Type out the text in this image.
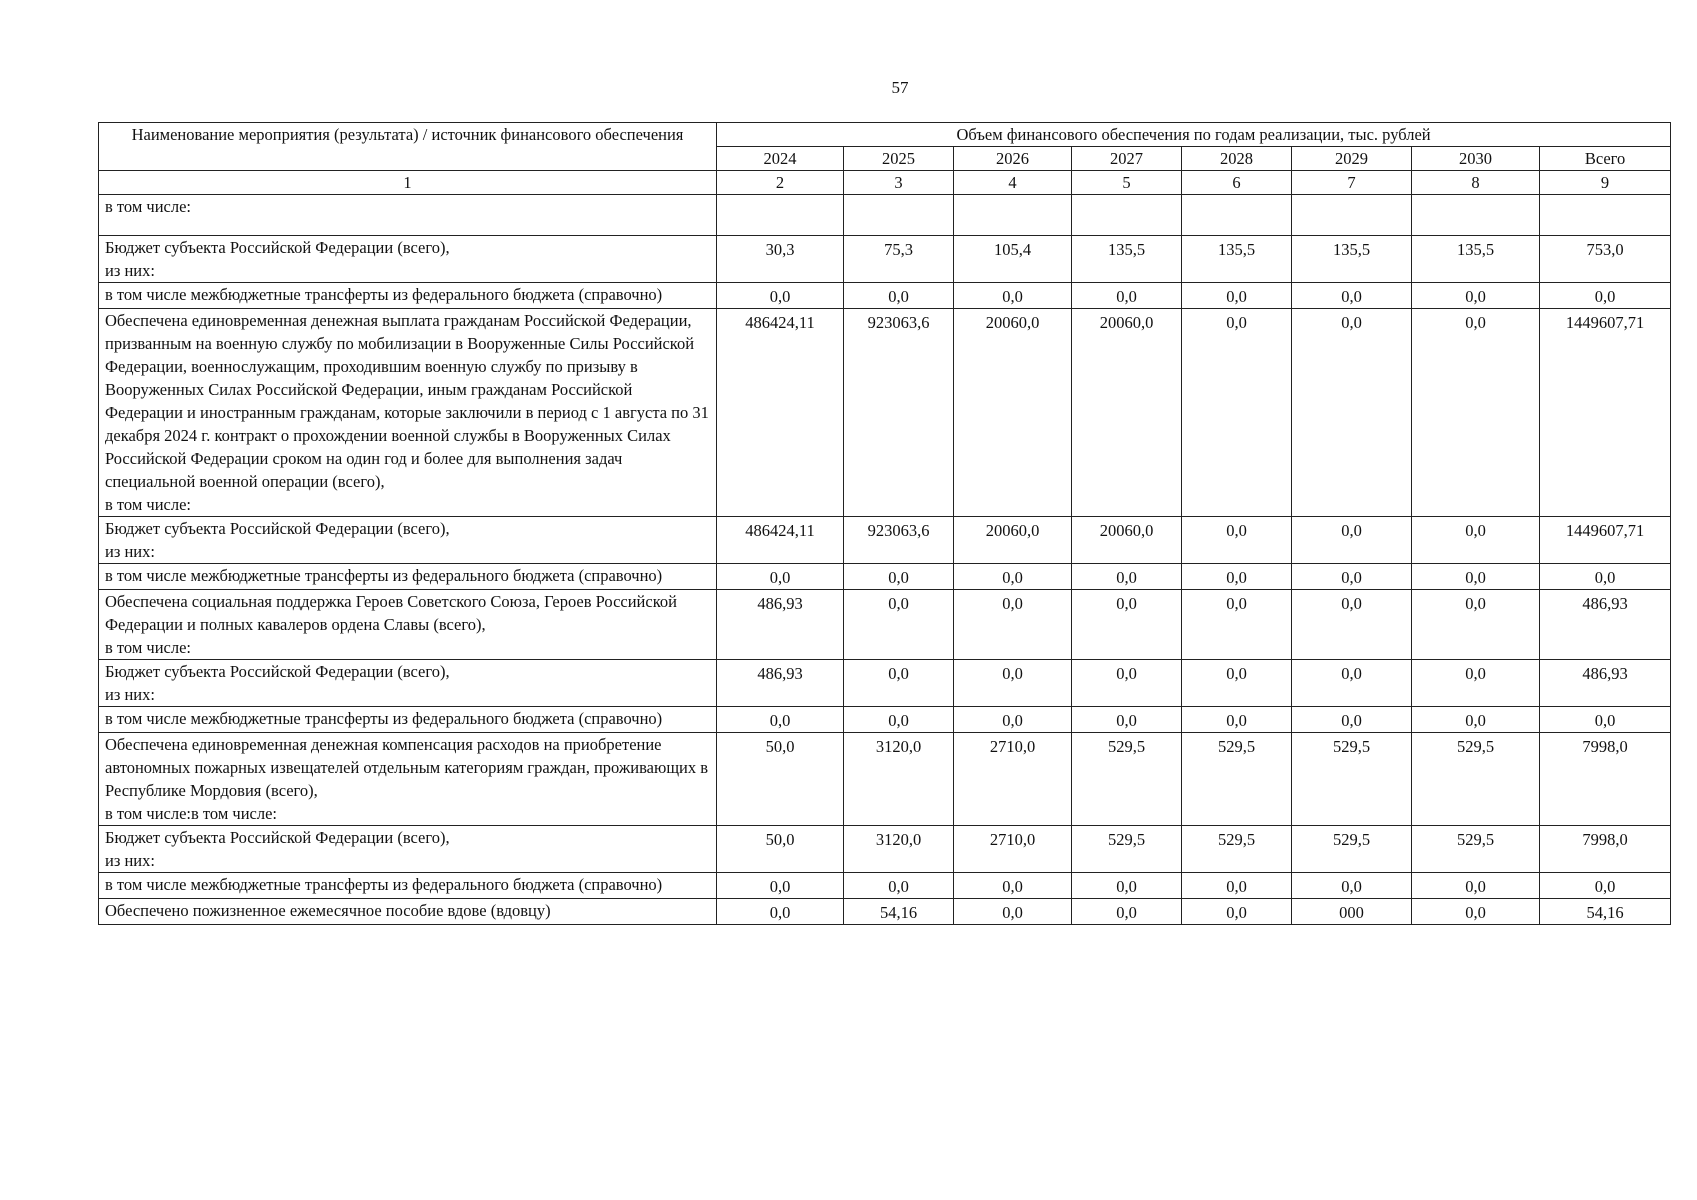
57
Наименование мероприятия (результата) / источник финансового обеспечения	Объем финансового обеспечения по годам реализации, тыс. рублей							
	2024	2025	2026	2027	2028	2029	2030	Всего
1	2	3	4	5	6	7	8	9
в том числе:								
Бюджет субъекта Российской Федерации (всего),
из них:	30,3	75,3	105,4	135,5	135,5	135,5	135,5	753,0
в том числе межбюджетные трансферты из федерального бюджета (справочно)	0,0	0,0	0,0	0,0	0,0	0,0	0,0	0,0
Обеспечена единовременная денежная выплата гражданам Российской Федерации, призванным на военную службу по мобилизации в Вооруженные Силы Российской Федерации, военнослужащим, проходившим военную службу по призыву в Вооруженных Силах Российской Федерации, иным гражданам Российской Федерации и иностранным гражданам, которые заключили в период с 1 августа по 31 декабря 2024 г. контракт о прохождении военной службы в Вооруженных Силах Российской Федерации сроком на один год и более для выполнения задач специальной военной операции (всего),
в том числе:	486424,11	923063,6	20060,0	20060,0	0,0	0,0	0,0	1449607,71
Бюджет субъекта Российской Федерации (всего),
из них:	486424,11	923063,6	20060,0	20060,0	0,0	0,0	0,0	1449607,71
в том числе межбюджетные трансферты из федерального бюджета (справочно)	0,0	0,0	0,0	0,0	0,0	0,0	0,0	0,0
Обеспечена социальная поддержка Героев Советского Союза, Героев Российской Федерации и полных кавалеров ордена Славы (всего),
в том числе:	486,93	0,0	0,0	0,0	0,0	0,0	0,0	486,93
Бюджет субъекта Российской Федерации (всего),
из них:	486,93	0,0	0,0	0,0	0,0	0,0	0,0	486,93
в том числе межбюджетные трансферты из федерального бюджета (справочно)	0,0	0,0	0,0	0,0	0,0	0,0	0,0	0,0
Обеспечена единовременная денежная компенсация расходов на приобретение автономных пожарных извещателей отдельным категориям граждан, проживающих в Республике Мордовия (всего),
в том числе:в том числе:	50,0	3120,0	2710,0	529,5	529,5	529,5	529,5	7998,0
Бюджет субъекта Российской Федерации (всего),
из них:	50,0	3120,0	2710,0	529,5	529,5	529,5	529,5	7998,0
в том числе межбюджетные трансферты из федерального бюджета (справочно)	0,0	0,0	0,0	0,0	0,0	0,0	0,0	0,0
Обеспечено пожизненное ежемесячное пособие вдове (вдовцу)	0,0	54,16	0,0	0,0	0,0	000	0,0	54,16
